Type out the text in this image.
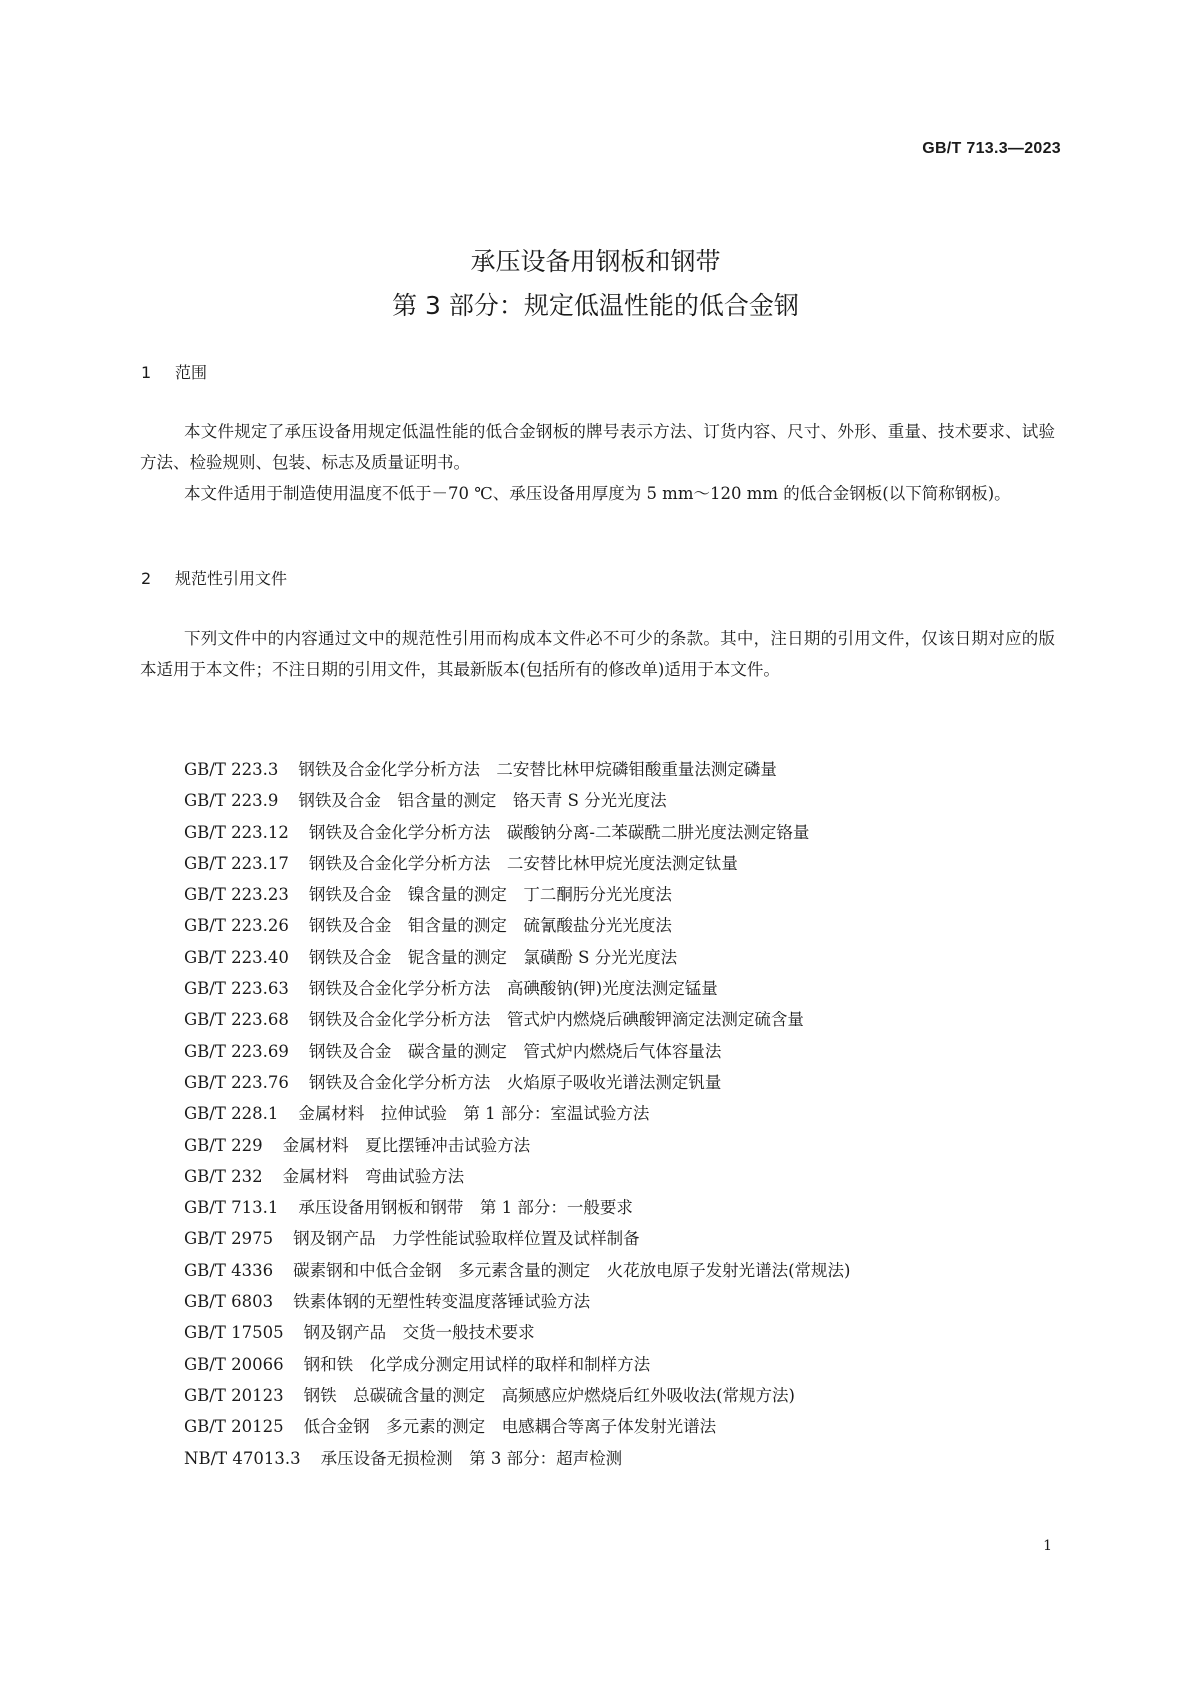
GB/T 713.3—2023
承压设备用钢板和钢带
第 3 部分：规定低温性能的低合金钢
1 范围
本文件规定了承压设备用规定低温性能的低合金钢板的牌号表示方法、订货内容、尺寸、外形、重量、技术要求、试验方法、检验规则、包装、标志及质量证明书。
本文件适用于制造使用温度不低于－70 ℃、承压设备用厚度为 5 mm～120 mm 的低合金钢板(以下简称钢板)。
2 规范性引用文件
下列文件中的内容通过文中的规范性引用而构成本文件必不可少的条款。其中，注日期的引用文件，仅该日期对应的版本适用于本文件；不注日期的引用文件，其最新版本(包括所有的修改单)适用于本文件。
GB/T 223.3 钢铁及合金化学分析方法　二安替比林甲烷磷钼酸重量法测定磷量
GB/T 223.9 钢铁及合金　铝含量的测定　铬天青 S 分光光度法
GB/T 223.12 钢铁及合金化学分析方法　碳酸钠分离-二苯碳酰二肼光度法测定铬量
GB/T 223.17 钢铁及合金化学分析方法　二安替比林甲烷光度法测定钛量
GB/T 223.23 钢铁及合金　镍含量的测定　丁二酮肟分光光度法
GB/T 223.26 钢铁及合金　钼含量的测定　硫氰酸盐分光光度法
GB/T 223.40 钢铁及合金　铌含量的测定　氯磺酚 S 分光光度法
GB/T 223.63 钢铁及合金化学分析方法　高碘酸钠(钾)光度法测定锰量
GB/T 223.68 钢铁及合金化学分析方法　管式炉内燃烧后碘酸钾滴定法测定硫含量
GB/T 223.69 钢铁及合金　碳含量的测定　管式炉内燃烧后气体容量法
GB/T 223.76 钢铁及合金化学分析方法　火焰原子吸收光谱法测定钒量
GB/T 228.1 金属材料　拉伸试验　第 1 部分：室温试验方法
GB/T 229 金属材料　夏比摆锤冲击试验方法
GB/T 232 金属材料　弯曲试验方法
GB/T 713.1 承压设备用钢板和钢带　第 1 部分：一般要求
GB/T 2975 钢及钢产品　力学性能试验取样位置及试样制备
GB/T 4336 碳素钢和中低合金钢　多元素含量的测定　火花放电原子发射光谱法(常规法)
GB/T 6803 铁素体钢的无塑性转变温度落锤试验方法
GB/T 17505 钢及钢产品　交货一般技术要求
GB/T 20066 钢和铁　化学成分测定用试样的取样和制样方法
GB/T 20123 钢铁　总碳硫含量的测定　高频感应炉燃烧后红外吸收法(常规方法)
GB/T 20125 低合金钢　多元素的测定　电感耦合等离子体发射光谱法
NB/T 47013.3 承压设备无损检测　第 3 部分：超声检测
1
